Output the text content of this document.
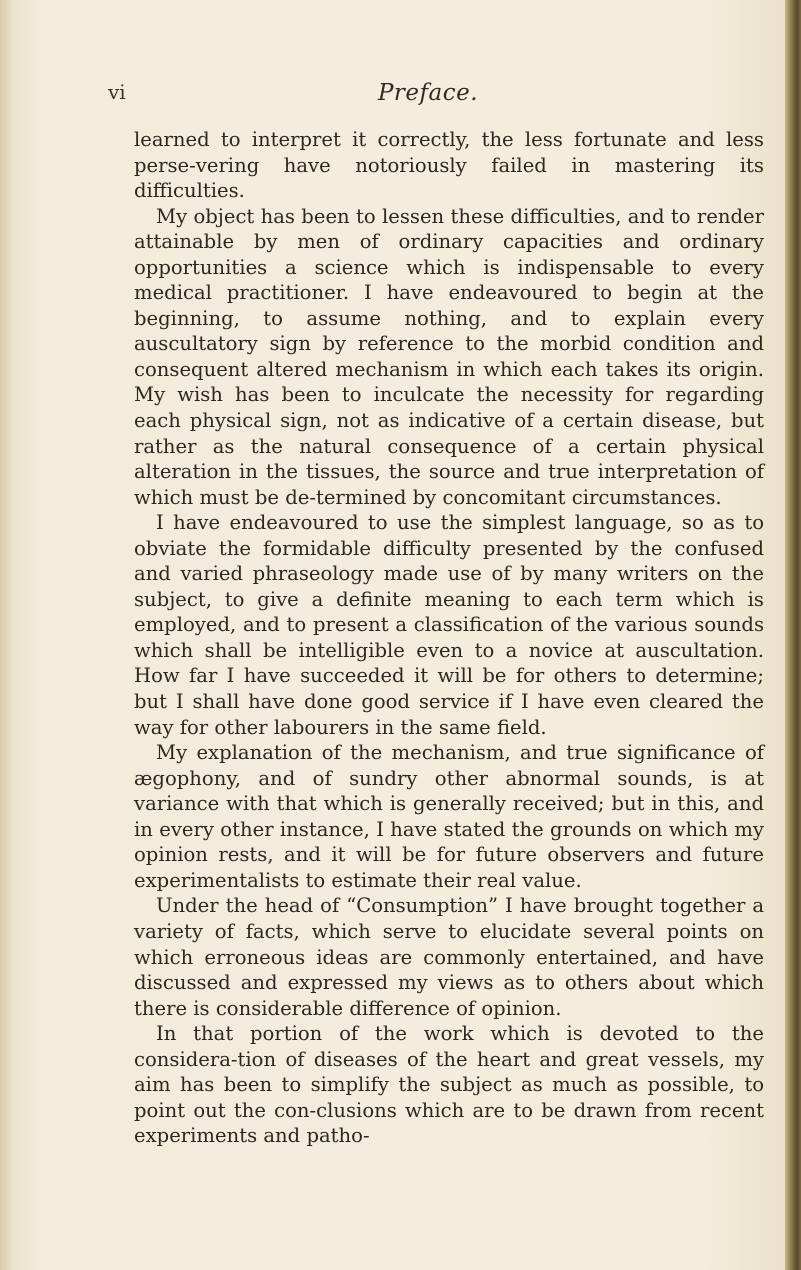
vi	Preface.

learned to interpret it correctly, the less fortunate and less perse-vering have notoriously failed in mastering its difficulties.

My object has been to lessen these difficulties, and to render attainable by men of ordinary capacities and ordinary opportunities a science which is indispensable to every medical practitioner. I have endeavoured to begin at the beginning, to assume nothing, and to explain every auscultatory sign by reference to the morbid condition and consequent altered mechanism in which each takes its origin. My wish has been to inculcate the necessity for regarding each physical sign, not as indicative of a certain disease, but rather as the natural consequence of a certain physical alteration in the tissues, the source and true interpretation of which must be de-termined by concomitant circumstances.

I have endeavoured to use the simplest language, so as to obviate the formidable difficulty presented by the confused and varied phraseology made use of by many writers on the subject, to give a definite meaning to each term which is employed, and to present a classification of the various sounds which shall be intelligible even to a novice at auscultation. How far I have succeeded it will be for others to determine; but I shall have done good service if I have even cleared the way for other labourers in the same field.

My explanation of the mechanism, and true significance of ægophony, and of sundry other abnormal sounds, is at variance with that which is generally received; but in this, and in every other instance, I have stated the grounds on which my opinion rests, and it will be for future observers and future experimentalists to estimate their real value.

Under the head of “Consumption” I have brought together a variety of facts, which serve to elucidate several points on which erroneous ideas are commonly entertained, and have discussed and expressed my views as to others about which there is considerable difference of opinion.

In that portion of the work which is devoted to the considera-tion of diseases of the heart and great vessels, my aim has been to simplify the subject as much as possible, to point out the con-clusions which are to be drawn from recent experiments and patho-
